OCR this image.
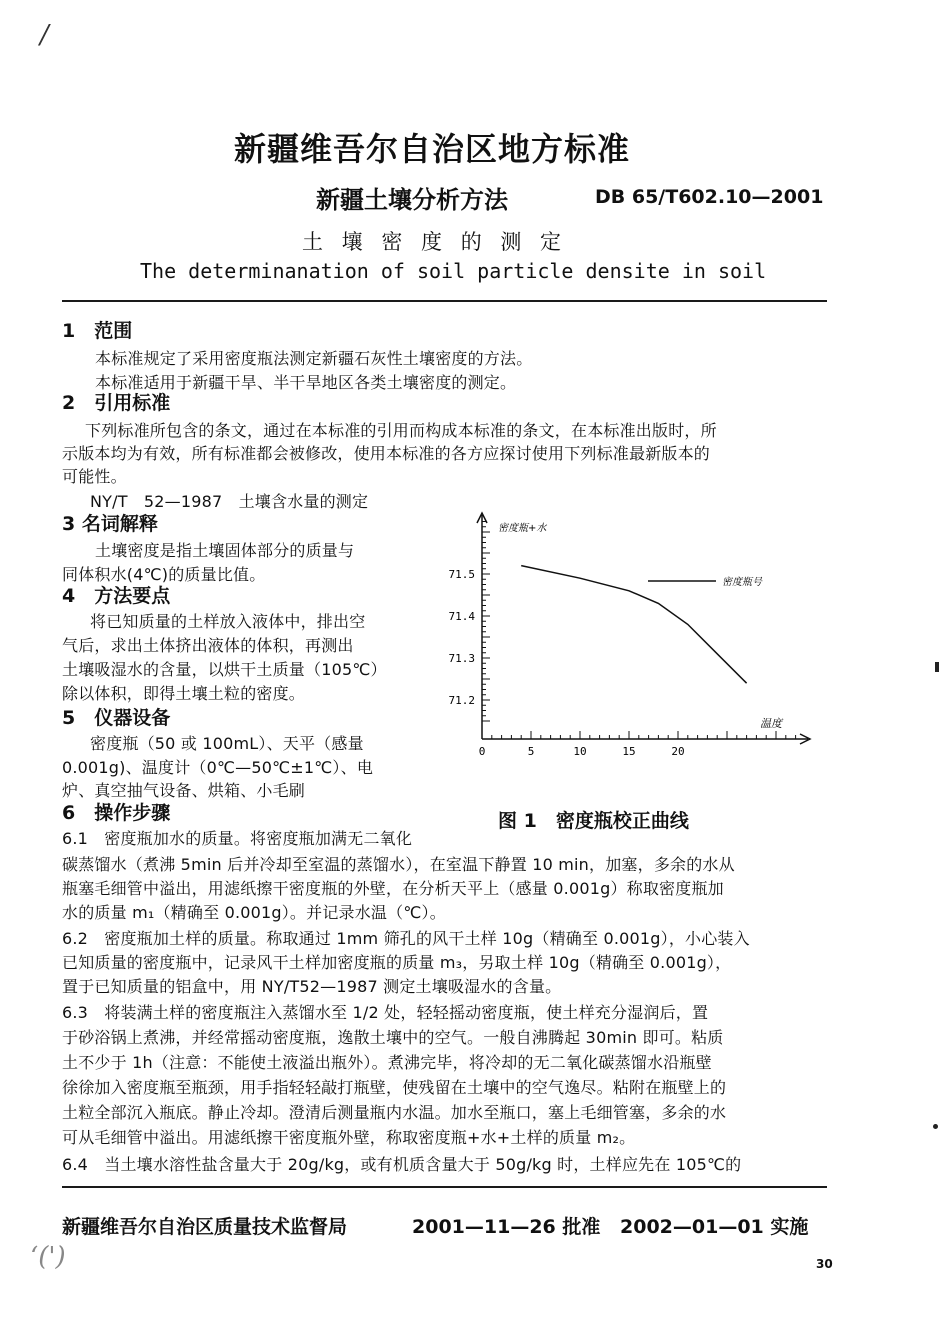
/
‘(')
新疆维吾尔自治区地方标准
新疆土壤分析方法	DB 65/T602.10—2001
土 壤 密 度 的 测 定
The determinanation of soil particle densite in soil
1　范围
本标准规定了采用密度瓶法测定新疆石灰性土壤密度的方法。
本标准适用于新疆干旱、半干旱地区各类土壤密度的测定。
2　引用标准
下列标准所包含的条文，通过在本标准的引用而构成本标准的条文，在本标准出版时，所
示版本均为有效，所有标准都会被修改，使用本标准的各方应探讨使用下列标准最新版本的
可能性。
NY/T　52—1987　土壤含水量的测定
3 名词解释
土壤密度是指土壤固体部分的质量与
同体积水(4℃)的质量比值。
4　方法要点
将已知质量的土样放入液体中，排出空
气后，求出土体挤出液体的体积，再测出
土壤吸湿水的含量，以烘干土质量（105℃）
除以体积，即得土壤土粒的密度。
5　仪器设备
密度瓶（50 或 100mL）、天平（感量
0.001g)、温度计（0℃—50℃±1℃）、电
炉、真空抽气设备、烘箱、小毛刷
6　操作步骤
6.1　密度瓶加水的质量。将密度瓶加满无二氧化
碳蒸馏水（煮沸 5min 后并冷却至室温的蒸馏水），在室温下静置 10 min，加塞，多余的水从
瓶塞毛细管中溢出，用滤纸擦干密度瓶的外壁，在分析天平上（感量 0.001g）称取密度瓶加
水的质量 m₁（精确至 0.001g）。并记录水温（℃）。
6.2　密度瓶加土样的质量。称取通过 1mm 筛孔的风干土样 10g（精确至 0.001g），小心装入
已知质量的密度瓶中，记录风干土样加密度瓶的质量 m₃，另取土样 10g（精确至 0.001g），
置于已知质量的铝盒中，用 NY/T52—1987 测定土壤吸湿水的含量。
6.3　将装满土样的密度瓶注入蒸馏水至 1/2 处，轻轻摇动密度瓶，使土样充分湿润后，置
于砂浴锅上煮沸，并经常摇动密度瓶，逸散土壤中的空气。一般自沸腾起 30min 即可。粘质
土不少于 1h（注意：不能使土液溢出瓶外）。煮沸完毕，将冷却的无二氧化碳蒸馏水沿瓶壁
徐徐加入密度瓶至瓶颈，用手指轻轻敲打瓶壁，使残留在土壤中的空气逸尽。粘附在瓶壁上的
土粒全部沉入瓶底。静止冷却。澄清后测量瓶内水温。加水至瓶口，塞上毛细管塞，多余的水
可从毛细管中溢出。用滤纸擦干密度瓶外壁，称取密度瓶+水+土样的质量 m₂。
6.4　当土壤水溶性盐含量大于 20g/kg，或有机质含量大于 50g/kg 时，土样应先在 105℃的
新疆维吾尔自治区质量技术监督局	2001—11—26 批准 2002—01—01 实施
30
密度瓶+水
温度
71.2
71.3
71.4
71.5
0	5	10	15	20
密度瓶号
图 1　密度瓶校正曲线
